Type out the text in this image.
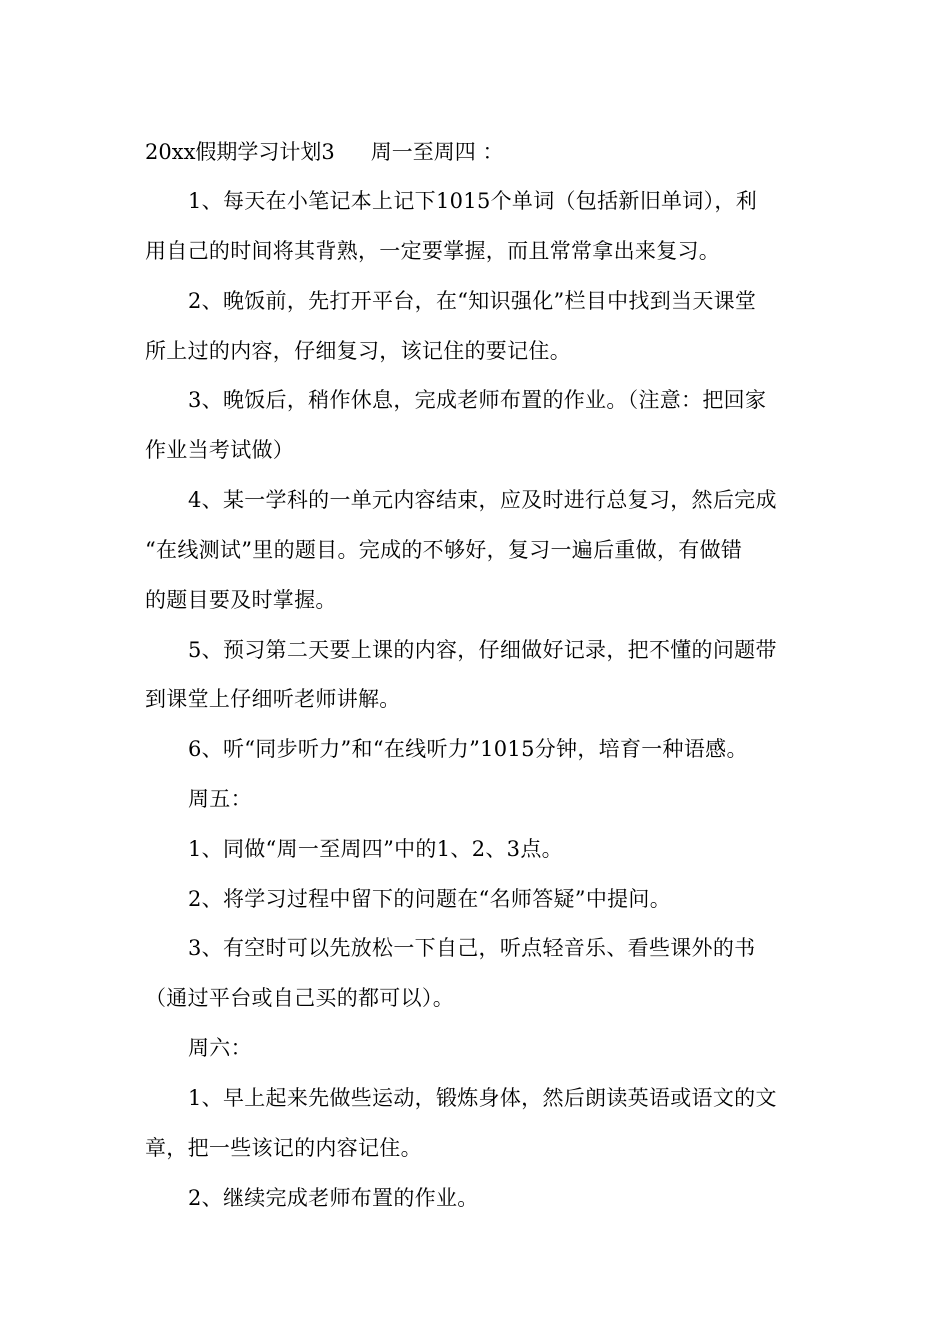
20xx假期学习计划3 周一至周四 ：
1、每天在小笔记本上记下1015个单词（包括新旧单词），利
用自己的时间将其背熟，一定要掌握，而且常常拿出来复习。
2、晚饭前，先打开平台，在“知识强化”栏目中找到当天课堂
所上过的内容，仔细复习，该记住的要记住。
3、晚饭后，稍作休息，完成老师布置的作业。（注意：把回家
作业当考试做）
4、某一学科的一单元内容结束，应及时进行总复习，然后完成
“在线测试”里的题目。完成的不够好，复习一遍后重做，有做错
的题目要及时掌握。
5、预习第二天要上课的内容，仔细做好记录，把不懂的问题带
到课堂上仔细听老师讲解。
6、听“同步听力”和“在线听力”1015分钟，培育一种语感。
周五：
1、同做“周一至周四”中的1、2、3点。
2、将学习过程中留下的问题在“名师答疑”中提问。
3、有空时可以先放松一下自己，听点轻音乐、看些课外的书
（通过平台或自己买的都可以）。
周六：
1、早上起来先做些运动，锻炼身体，然后朗读英语或语文的文
章，把一些该记的内容记住。
2、继续完成老师布置的作业。
